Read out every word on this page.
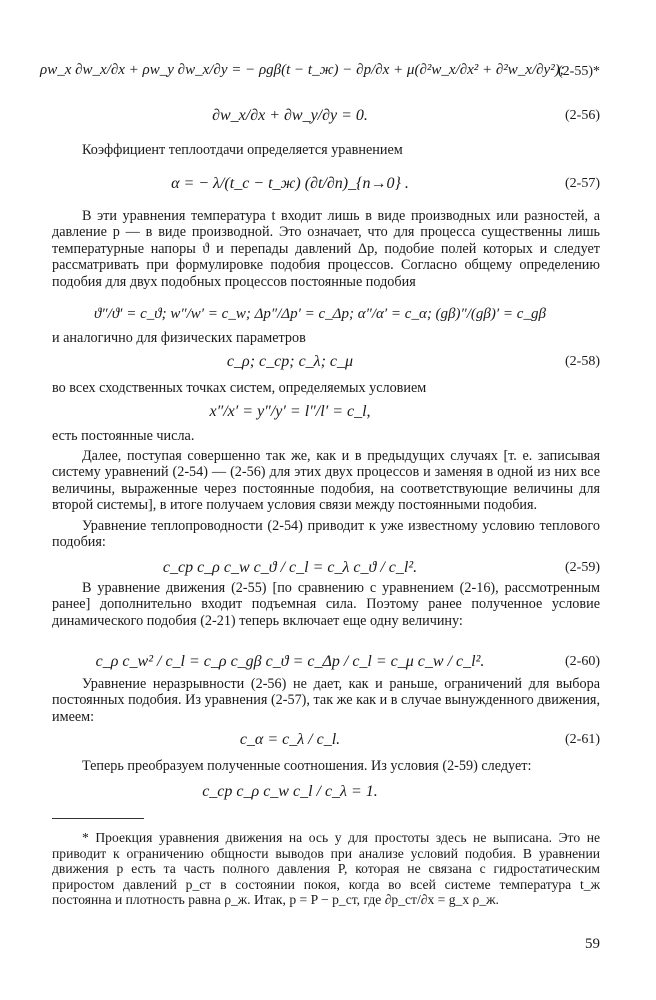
ρw_x ∂w_x/∂x + ρw_y ∂w_x/∂y = − ρgβ(t − t_ж) − ∂p/∂x + μ(∂²w_x/∂x² + ∂²w_x/∂y²);
(2-55)*
∂w_x/∂x + ∂w_y/∂y = 0.	(2-56)
Коэффициент теплоотдачи определяется уравнением
α = − λ/(t_c − t_ж) (∂t/∂n)_{n→0} .	(2-57)
В эти уравнения температура t входит лишь в виде производных или разностей, а давление p — в виде производной. Это означает, что для процесса существенны лишь температурные напоры ϑ и перепады давлений Δp, подобие полей которых и следует рассматривать при формулировке подобия процессов. Согласно общему определению подобия для двух подобных процессов постоянные подобия
ϑ″/ϑ′ = c_ϑ; w″/w′ = c_w; Δp″/Δp′ = c_Δp; α″/α′ = c_α; (gβ)″/(gβ)′ = c_gβ
и аналогично для физических параметров
c_ρ; c_cp; c_λ; c_μ	(2-58)
во всех сходственных точках систем, определяемых условием
x″/x′ = y″/y′ = l″/l′ = c_l,
есть постоянные числа.
Далее, поступая совершенно так же, как и в предыдущих случаях [т. е. записывая систему уравнений (2-54) — (2-56) для этих двух процессов и заменяя в одной из них все величины, выраженные через постоянные подобия, на соответствующие величины для второй системы], в итоге получаем условия связи между постоянными подобия.
Уравнение теплопроводности (2-54) приводит к уже известному условию теплового подобия:
c_cp c_ρ c_w c_ϑ / c_l = c_λ c_ϑ / c_l².	(2-59)
В уравнение движения (2-55) [по сравнению с уравнением (2-16), рассмотренным ранее] дополнительно входит подъемная сила. Поэтому ранее полученное условие динамического подобия (2-21) теперь включает еще одну величину:
c_ρ c_w² / c_l = c_ρ c_gβ c_ϑ = c_Δp / c_l = c_μ c_w / c_l².	(2-60)
Уравнение неразрывности (2-56) не дает, как и раньше, ограничений для выбора постоянных подобия. Из уравнения (2-57), так же как и в случае вынужденного движения, имеем:
c_α = c_λ / c_l.	(2-61)
Теперь преобразуем полученные соотношения. Из условия (2-59) следует:
c_cp c_ρ c_w c_l / c_λ = 1.
* Проекция уравнения движения на ось y для простоты здесь не выписана. Это не приводит к ограничению общности выводов при анализе условий подобия. В уравнении движения p есть та часть полного давления P, которая не связана с гидростатическим приростом давлений p_ст в состоянии покоя, когда во всей системе температура t_ж постоянна и плотность равна ρ_ж. Итак, p = P − p_ст, где ∂p_ст/∂x = g_x ρ_ж.
59
